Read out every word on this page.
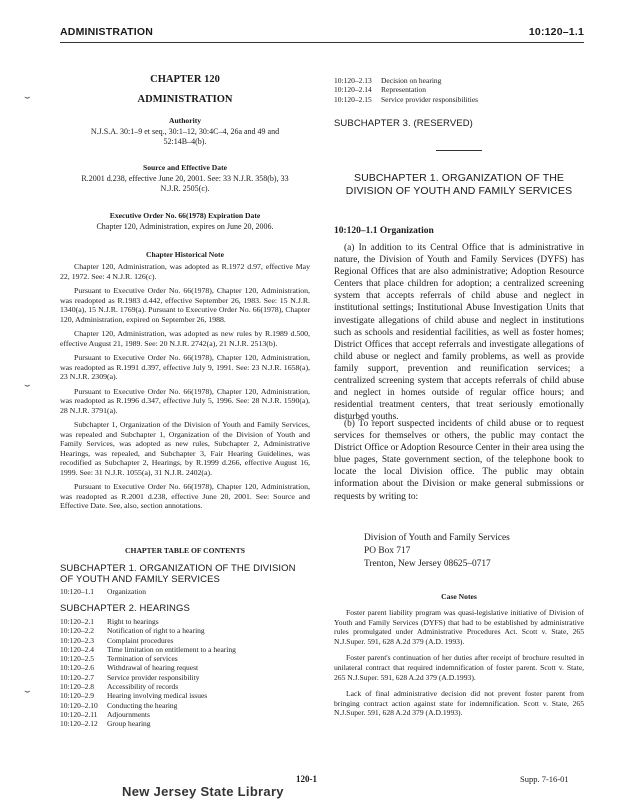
ADMINISTRATION	10:120–1.1
⌣
⌣
⌣
CHAPTER 120
ADMINISTRATION
Authority
N.J.S.A. 30:1–9 et seq., 30:1–12, 30:4C–4, 26a and 49 and 52:14B–4(b).
Source and Effective Date
R.2001 d.238, effective June 20, 2001. See: 33 N.J.R. 358(b), 33 N.J.R. 2505(c).
Executive Order No. 66(1978) Expiration Date
Chapter 120, Administration, expires on June 20, 2006.
Chapter Historical Note

Chapter 120, Administration, was adopted as R.1972 d.97, effective May 22, 1972. See: 4 N.J.R. 126(c).

Pursuant to Executive Order No. 66(1978), Chapter 120, Administration, was readopted as R.1983 d.442, effective September 26, 1983. See: 15 N.J.R. 1340(a), 15 N.J.R. 1769(a). Pursuant to Executive Order No. 66(1978), Chapter 120, Administration, expired on September 26, 1988.

Chapter 120, Administration, was adopted as new rules by R.1989 d.500, effective August 21, 1989. See: 20 N.J.R. 2742(a), 21 N.J.R. 2513(b).

Pursuant to Executive Order No. 66(1978), Chapter 120, Administration, was readopted as R.1991 d.397, effective July 9, 1991. See: 23 N.J.R. 1658(a), 23 N.J.R. 2309(a).

Pursuant to Executive Order No. 66(1978), Chapter 120, Administration, was readopted as R.1996 d.347, effective July 5, 1996. See: 28 N.J.R. 1590(a), 28 N.J.R. 3791(a).

Subchapter 1, Organization of the Division of Youth and Family Services, was repealed and Subchapter 1, Organization of the Division of Youth and Family Services, was adopted as new rules, Subchapter 2, Administrative Hearings, was repealed, and Subchapter 3, Fair Hearing Guidelines, was recodified as Subchapter 2, Hearings, by R.1999 d.266, effective August 16, 1999. See: 31 N.J.R. 1055(a), 31 N.J.R. 2402(a).

Pursuant to Executive Order No. 66(1978), Chapter 120, Administration, was readopted as R.2001 d.238, effective June 20, 2001. See: Source and Effective Date. See, also, section annotations.

CHAPTER TABLE OF CONTENTS
SUBCHAPTER 1. ORGANIZATION OF THE DIVISION OF YOUTH AND FAMILY SERVICES
10:120–1.1 Organization
SUBCHAPTER 2. HEARINGS
10:120–2.1 Right to hearings
10:120–2.2 Notification of right to a hearing
10:120–2.3 Complaint procedures
10:120–2.4 Time limitation on entitlement to a hearing
10:120–2.5 Termination of services
10:120–2.6 Withdrawal of hearing request
10:120–2.7 Service provider responsibility
10:120–2.8 Accessibility of records
10:120–2.9 Hearing involving medical issues
10:120–2.10 Conducting the hearing
10:120–2.11 Adjournments
10:120–2.12 Group hearing
10:120–2.13 Decision on hearing
10:120–2.14 Representation
10:120–2.15 Service provider responsibilities
SUBCHAPTER 3. (RESERVED)
SUBCHAPTER 1. ORGANIZATION OF THE DIVISION OF YOUTH AND FAMILY SERVICES
10:120–1.1 Organization

(a) In addition to its Central Office that is administrative in nature, the Division of Youth and Family Services (DYFS) has Regional Offices that are also administrative; Adoption Resource Centers that place children for adoption; a centralized screening system that accepts referrals of child abuse and neglect in institutional settings; Institutional Abuse Investigation Units that investigate allegations of child abuse and neglect in institutions such as schools and residential facilities, as well as foster homes; District Offices that accept referrals and investigate allegations of child abuse or neglect and family problems, as well as provide family support, prevention and reunification services; a centralized screening system that accepts referrals of child abuse and neglect in homes outside of regular office hours; and residential treatment centers, that treat seriously emotionally disturbed youths.

(b) To report suspected incidents of child abuse or to request services for themselves or others, the public may contact the District Office or Adoption Resource Center in their area using the blue pages, State government section, of the telephone book to locate the local Division office. The public may obtain information about the Division or make general submissions or requests by writing to:

Division of Youth and Family Services
PO Box 717
Trenton, New Jersey 08625–0717
Case Notes

Foster parent liability program was quasi-legislative initiative of Division of Youth and Family Services (DYFS) that had to be established by administrative rules promulgated under Administrative Procedures Act. Scott v. State, 265 N.J.Super. 591, 628 A.2d 379 (A.D. 1993).

Foster parent's continuation of her duties after receipt of brochure resulted in unilateral contract that required indemnification of foster parent. Scott v. State, 265 N.J.Super. 591, 628 A.2d 379 (A.D.1993).

Lack of final administrative decision did not prevent foster parent from bringing contract action against state for indemnification. Scott v. State, 265 N.J.Super. 591, 628 A.2d 379 (A.D.1993).

120-1	Supp. 7-16-01
New Jersey State Library
